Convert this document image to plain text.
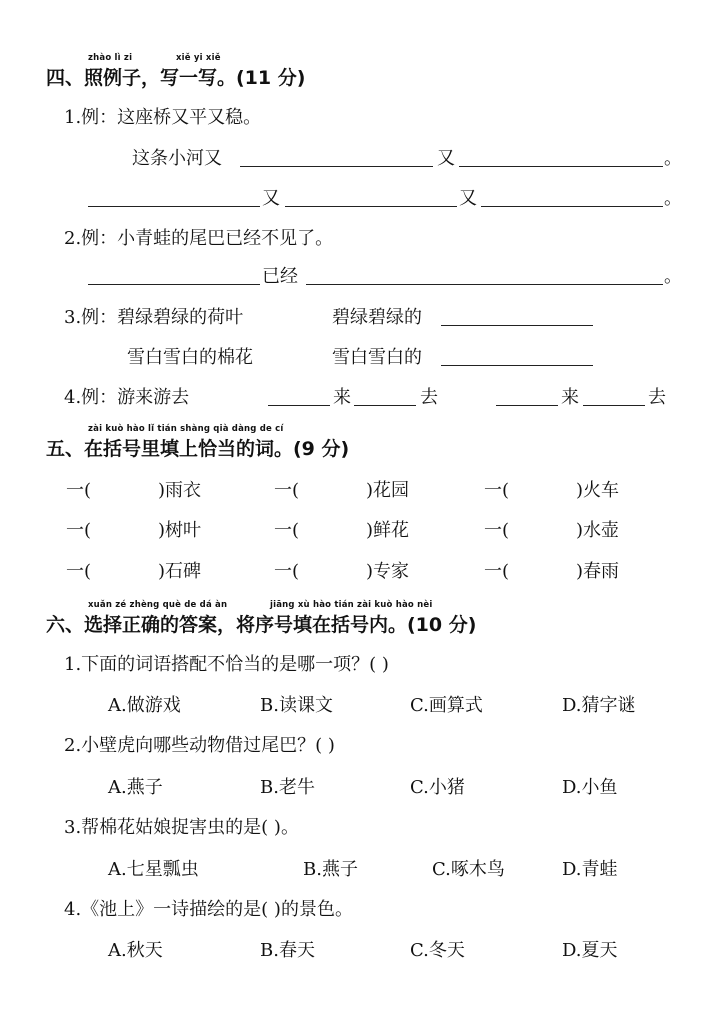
zhào lì zi	xiě yi xiě
四、照例子，写一写。(11 分)
1.例：这座桥又平又稳。
这条小河又	又	。
又	又	。
2.例：小青蛙的尾巴已经不见了。
已经	。
3.例：碧绿碧绿的荷叶	碧绿碧绿的
雪白雪白的棉花	雪白雪白的
4.例：游来游去	来	去	来	去
zài kuò hào lǐ tián shàng qià dàng de cí
五、在括号里填上恰当的词。(9 分)
一(	)雨衣	一(	)花园	一(	)火车
一(	)树叶	一(	)鲜花	一(	)水壶
一(	)石碑	一(	)专家	一(	)春雨
xuǎn zé zhèng què de dá àn	jiāng xù hào tián zài kuò hào nèi
六、选择正确的答案，将序号填在括号内。(10 分)
1.下面的词语搭配不恰当的是哪一项？( )
A.做游戏	B.读课文	C.画算式	D.猜字谜
2.小壁虎向哪些动物借过尾巴？( )
A.燕子	B.老牛	C.小猪	D.小鱼
3.帮棉花姑娘捉害虫的是( )。
A.七星瓢虫	B.燕子	C.啄木鸟	D.青蛙
4.《池上》一诗描绘的是( )的景色。
A.秋天	B.春天	C.冬天	D.夏天
